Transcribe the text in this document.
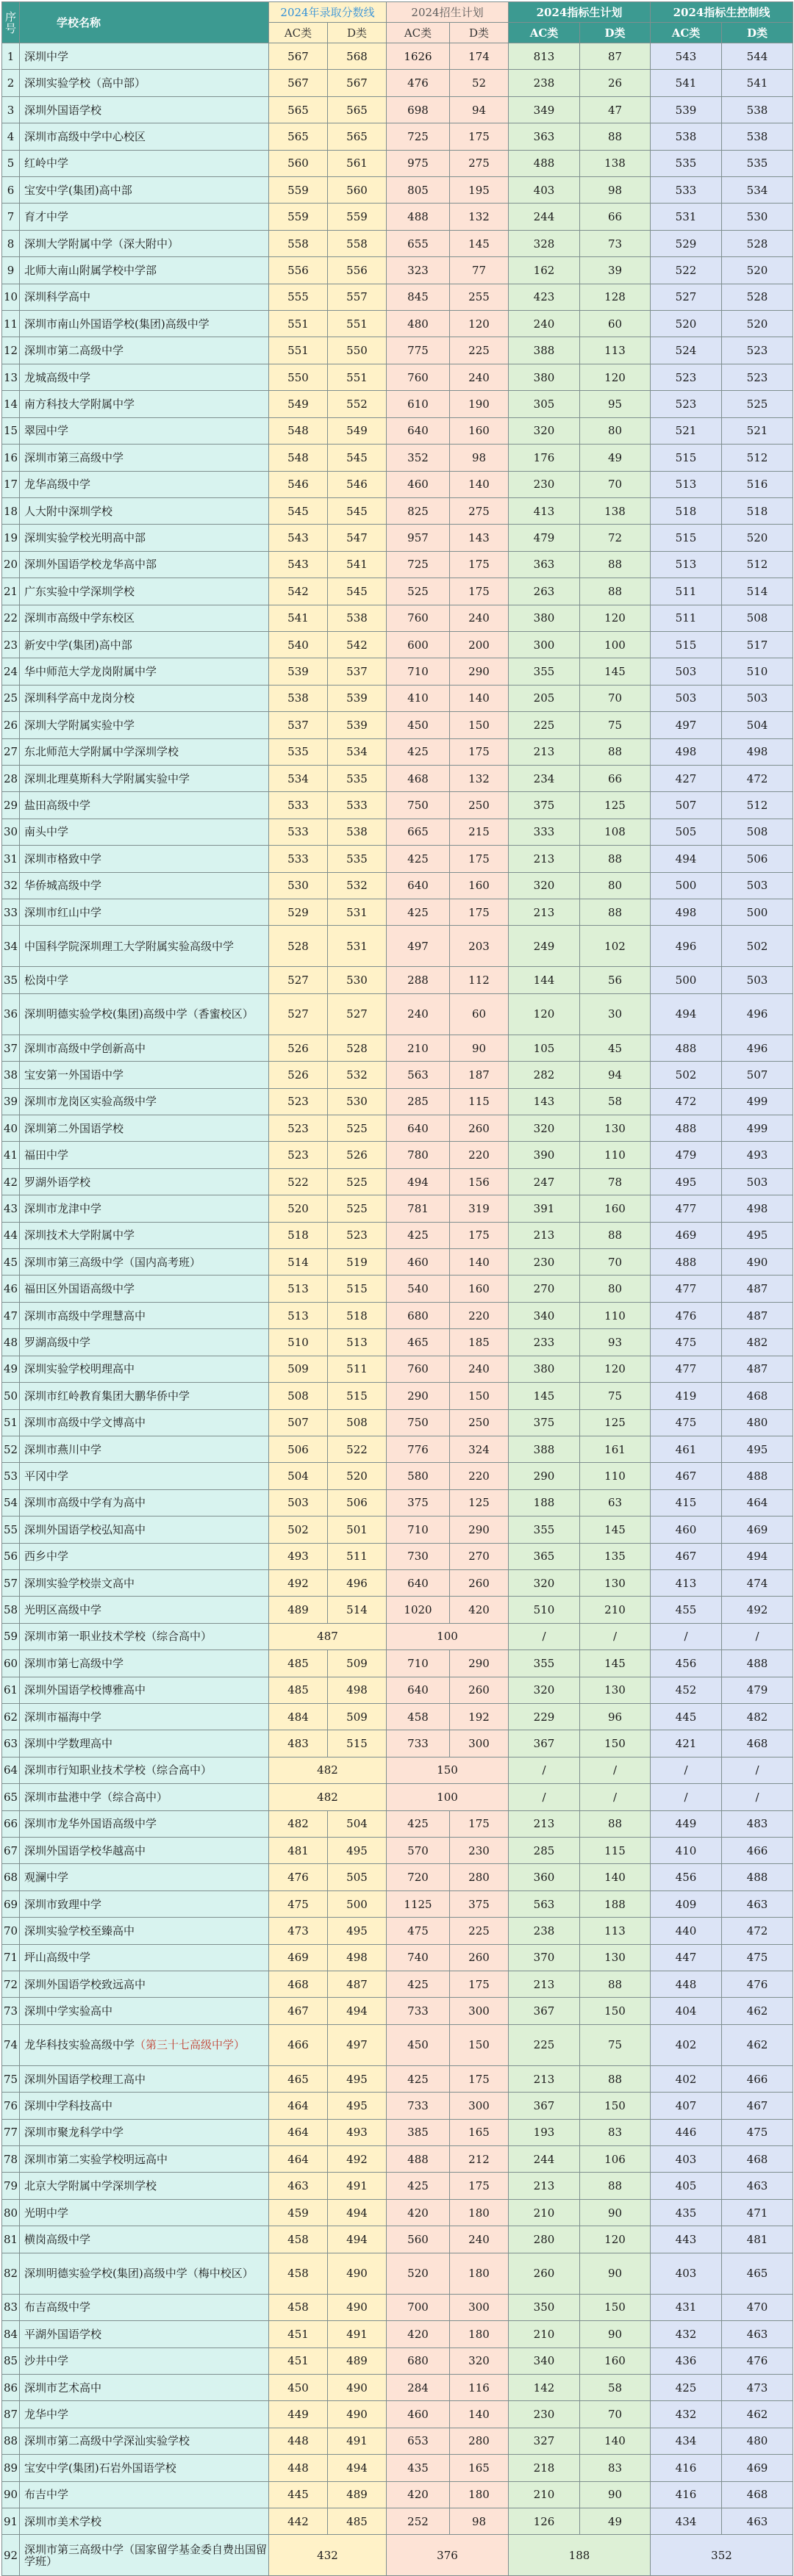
序号	学校名称	2024年录取分数线		2024招生计划		2024指标生计划		2024指标生控制线	
		AC类	D类	AC类	D类	AC类	D类	AC类	D类
1	深圳中学	567	568	1626	174	813	87	543	544
2	深圳实验学校（高中部）	567	567	476	52	238	26	541	541
3	深圳外国语学校	565	565	698	94	349	47	539	538
4	深圳市高级中学中心校区	565	565	725	175	363	88	538	538
5	红岭中学	560	561	975	275	488	138	535	535
6	宝安中学(集团)高中部	559	560	805	195	403	98	533	534
7	育才中学	559	559	488	132	244	66	531	530
8	深圳大学附属中学（深大附中）	558	558	655	145	328	73	529	528
9	北师大南山附属学校中学部	556	556	323	77	162	39	522	520
10	深圳科学高中	555	557	845	255	423	128	527	528
11	深圳市南山外国语学校(集团)高级中学	551	551	480	120	240	60	520	520
12	深圳市第二高级中学	551	550	775	225	388	113	524	523
13	龙城高级中学	550	551	760	240	380	120	523	523
14	南方科技大学附属中学	549	552	610	190	305	95	523	525
15	翠园中学	548	549	640	160	320	80	521	521
16	深圳市第三高级中学	548	545	352	98	176	49	515	512
17	龙华高级中学	546	546	460	140	230	70	513	516
18	人大附中深圳学校	545	545	825	275	413	138	518	518
19	深圳实验学校光明高中部	543	547	957	143	479	72	515	520
20	深圳外国语学校龙华高中部	543	541	725	175	363	88	513	512
21	广东实验中学深圳学校	542	545	525	175	263	88	511	514
22	深圳市高级中学东校区	541	538	760	240	380	120	511	508
23	新安中学(集团)高中部	540	542	600	200	300	100	515	517
24	华中师范大学龙岗附属中学	539	537	710	290	355	145	503	510
25	深圳科学高中龙岗分校	538	539	410	140	205	70	503	503
26	深圳大学附属实验中学	537	539	450	150	225	75	497	504
27	东北师范大学附属中学深圳学校	535	534	425	175	213	88	498	498
28	深圳北理莫斯科大学附属实验中学	534	535	468	132	234	66	427	472
29	盐田高级中学	533	533	750	250	375	125	507	512
30	南头中学	533	538	665	215	333	108	505	508
31	深圳市格致中学	533	535	425	175	213	88	494	506
32	华侨城高级中学	530	532	640	160	320	80	500	503
33	深圳市红山中学	529	531	425	175	213	88	498	500
34	中国科学院深圳理工大学附属实验高级中学	528	531	497	203	249	102	496	502
35	松岗中学	527	530	288	112	144	56	500	503
36	深圳明德实验学校(集团)高级中学（香蜜校区）	527	527	240	60	120	30	494	496
37	深圳市高级中学创新高中	526	528	210	90	105	45	488	496
38	宝安第一外国语中学	526	532	563	187	282	94	502	507
39	深圳市龙岗区实验高级中学	523	530	285	115	143	58	472	499
40	深圳第二外国语学校	523	525	640	260	320	130	488	499
41	福田中学	523	526	780	220	390	110	479	493
42	罗湖外语学校	522	525	494	156	247	78	495	503
43	深圳市龙津中学	520	525	781	319	391	160	477	498
44	深圳技术大学附属中学	518	523	425	175	213	88	469	495
45	深圳市第三高级中学（国内高考班）	514	519	460	140	230	70	488	490
46	福田区外国语高级中学	513	515	540	160	270	80	477	487
47	深圳市高级中学理慧高中	513	518	680	220	340	110	476	487
48	罗湖高级中学	510	513	465	185	233	93	475	482
49	深圳实验学校明理高中	509	511	760	240	380	120	477	487
50	深圳市红岭教育集团大鹏华侨中学	508	515	290	150	145	75	419	468
51	深圳市高级中学文博高中	507	508	750	250	375	125	475	480
52	深圳市燕川中学	506	522	776	324	388	161	461	495
53	平冈中学	504	520	580	220	290	110	467	488
54	深圳市高级中学有为高中	503	506	375	125	188	63	415	464
55	深圳外国语学校弘知高中	502	501	710	290	355	145	460	469
56	西乡中学	493	511	730	270	365	135	467	494
57	深圳实验学校崇文高中	492	496	640	260	320	130	413	474
58	光明区高级中学	489	514	1020	420	510	210	455	492
59	深圳市第一职业技术学校（综合高中）	487		100		/	/	/	/
60	深圳市第七高级中学	485	509	710	290	355	145	456	488
61	深圳外国语学校博雅高中	485	498	640	260	320	130	452	479
62	深圳市福海中学	484	509	458	192	229	96	445	482
63	深圳中学数理高中	483	515	733	300	367	150	421	468
64	深圳市行知职业技术学校（综合高中）	482		150		/	/	/	/
65	深圳市盐港中学（综合高中）	482		100		/	/	/	/
66	深圳市龙华外国语高级中学	482	504	425	175	213	88	449	483
67	深圳外国语学校华越高中	481	495	570	230	285	115	410	466
68	观澜中学	476	505	720	280	360	140	456	488
69	深圳市致理中学	475	500	1125	375	563	188	409	463
70	深圳实验学校至臻高中	473	495	475	225	238	113	440	472
71	坪山高级中学	469	498	740	260	370	130	447	475
72	深圳外国语学校致远高中	468	487	425	175	213	88	448	476
73	深圳中学实验高中	467	494	733	300	367	150	404	462
74	龙华科技实验高级中学（第三十七高级中学）	466	497	450	150	225	75	402	462
75	深圳外国语学校理工高中	465	495	425	175	213	88	402	466
76	深圳中学科技高中	464	495	733	300	367	150	407	467
77	深圳市聚龙科学中学	464	493	385	165	193	83	446	475
78	深圳市第二实验学校明远高中	464	492	488	212	244	106	403	468
79	北京大学附属中学深圳学校	463	491	425	175	213	88	405	463
80	光明中学	459	494	420	180	210	90	435	471
81	横岗高级中学	458	494	560	240	280	120	443	481
82	深圳明德实验学校(集团)高级中学（梅中校区）	458	490	520	180	260	90	403	465
83	布吉高级中学	458	490	700	300	350	150	431	470
84	平湖外国语学校	451	491	420	180	210	90	432	463
85	沙井中学	451	489	680	320	340	160	436	476
86	深圳市艺术高中	450	490	284	116	142	58	425	473
87	龙华中学	449	490	460	140	230	70	432	462
88	深圳市第二高级中学深汕实验学校	448	491	653	280	327	140	434	480
89	宝安中学(集团)石岩外国语学校	448	494	435	165	218	83	416	469
90	布吉中学	445	489	420	180	210	90	416	468
91	深圳市美术学校	442	485	252	98	126	49	434	463
92	深圳市第三高级中学（国家留学基金委自费出国留学班）	432		376		188		352	
